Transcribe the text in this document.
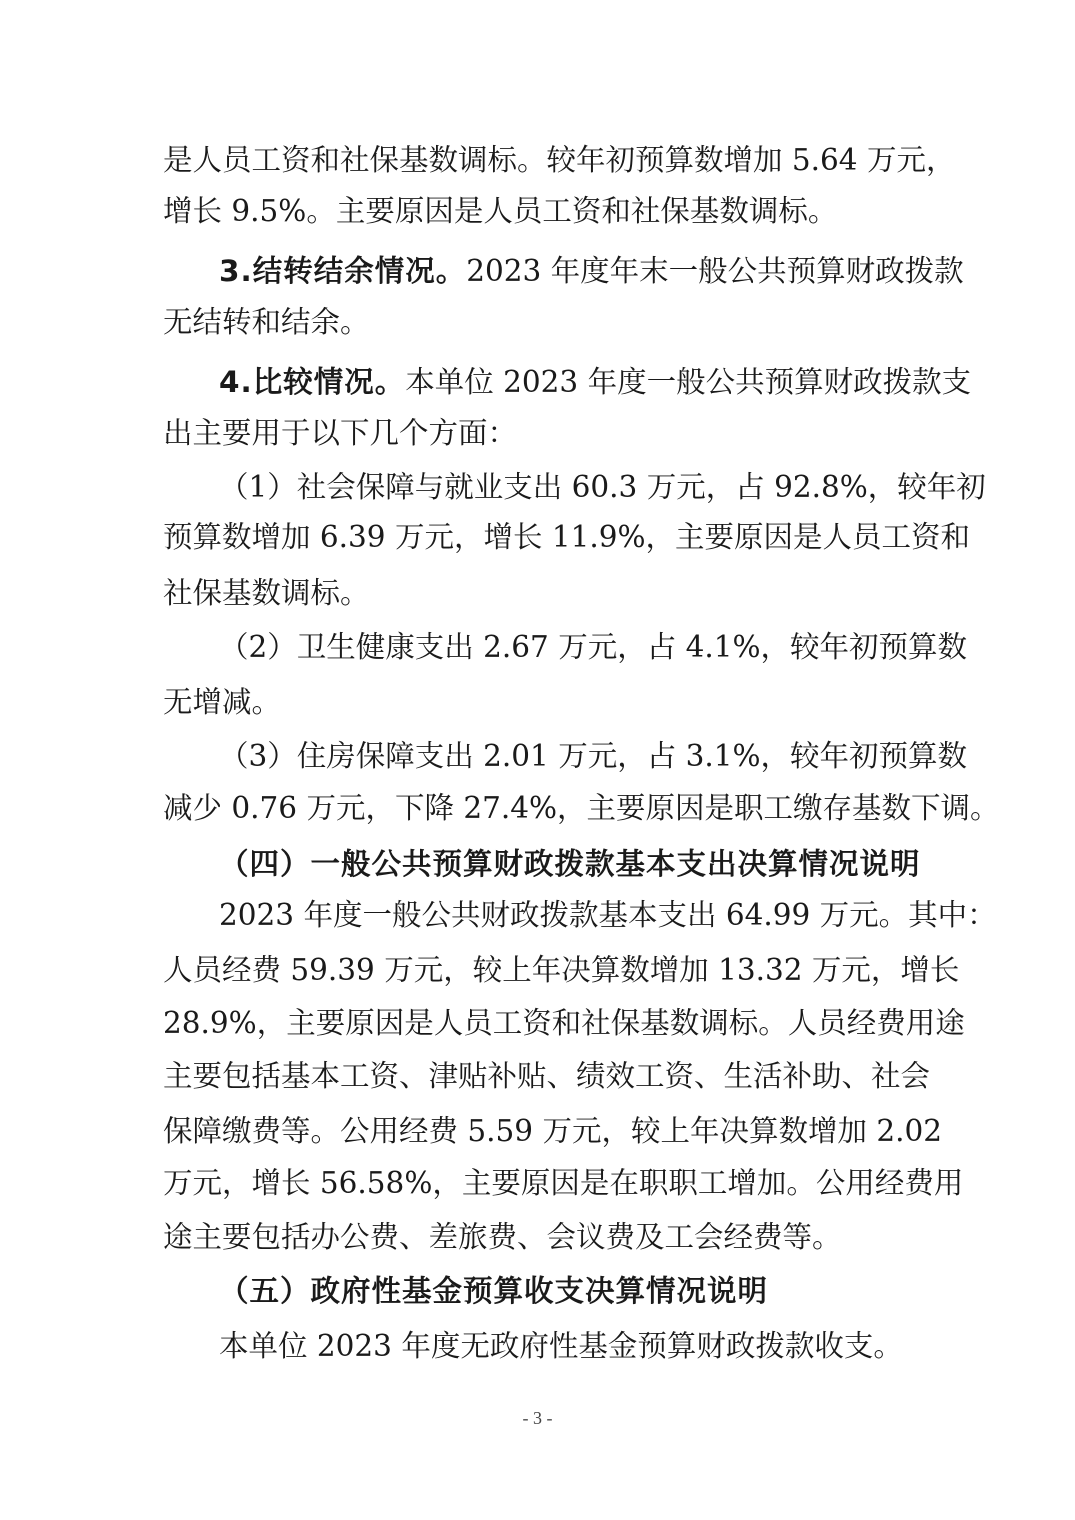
是人员工资和社保基数调标。较年初预算数增加 5.64 万元，
增长 9.5%。主要原因是人员工资和社保基数调标。
3.结转结余情况。2023 年度年末一般公共预算财政拨款
无结转和结余。
4.比较情况。本单位 2023 年度一般公共预算财政拨款支
出主要用于以下几个方面：
（1）社会保障与就业支出 60.3 万元，占 92.8%，较年初
预算数增加 6.39 万元，增长 11.9%，主要原因是人员工资和
社保基数调标。
（2）卫生健康支出 2.67 万元，占 4.1%，较年初预算数
无增减。
（3）住房保障支出 2.01 万元，占 3.1%，较年初预算数
减少 0.76 万元，下降 27.4%，主要原因是职工缴存基数下调。
（四）一般公共预算财政拨款基本支出决算情况说明
2023 年度一般公共财政拨款基本支出 64.99 万元。其中：
人员经费 59.39 万元，较上年决算数增加 13.32 万元，增长
28.9%，主要原因是人员工资和社保基数调标。人员经费用途
主要包括基本工资、津贴补贴、绩效工资、生活补助、社会
保障缴费等。公用经费 5.59 万元，较上年决算数增加 2.02
万元，增长 56.58%，主要原因是在职职工增加。公用经费用
途主要包括办公费、差旅费、会议费及工会经费等。
（五）政府性基金预算收支决算情况说明
本单位 2023 年度无政府性基金预算财政拨款收支。
- 3 -
